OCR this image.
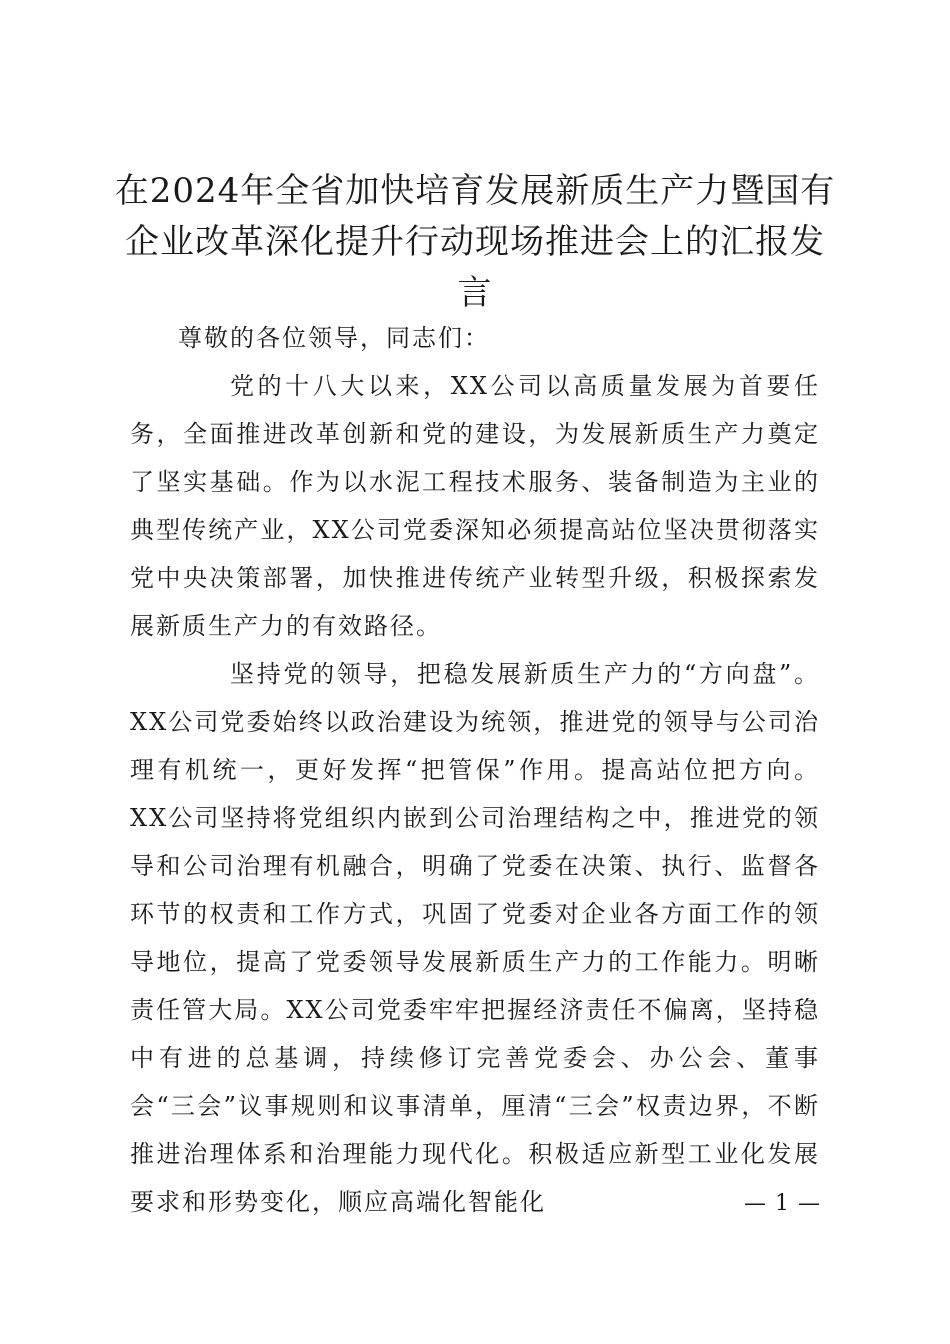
在2024年全省加快培育发展新质生产力暨国有企业改革深化提升行动现场推进会上的汇报发言

尊敬的各位领导，同志们：

党的十八大以来，XX公司以高质量发展为首要任务，全面推进改革创新和党的建设，为发展新质生产力奠定了坚实基础。作为以水泥工程技术服务、装备制造为主业的典型传统产业，XX公司党委深知必须提高站位坚决贯彻落实党中央决策部署，加快推进传统产业转型升级，积极探索发展新质生产力的有效路径。

坚持党的领导，把稳发展新质生产力的“方向盘”。XX公司党委始终以政治建设为统领，推进党的领导与公司治理有机统一，更好发挥“把管保”作用。提高站位把方向。XX公司坚持将党组织内嵌到公司治理结构之中，推进党的领导和公司治理有机融合，明确了党委在决策、执行、监督各环节的权责和工作方式，巩固了党委对企业各方面工作的领导地位，提高了党委领导发展新质生产力的工作能力。明晰责任管大局。XX公司党委牢牢把握经济责任不偏离，坚持稳中有进的总基调，持续修订完善党委会、办公会、董事会“三会”议事规则和议事清单，厘清“三会”权责边界，不断推进治理体系和治理能力现代化。积极适应新型工业化发展要求和形势变化，顺应高端化智能化	— 1 —
